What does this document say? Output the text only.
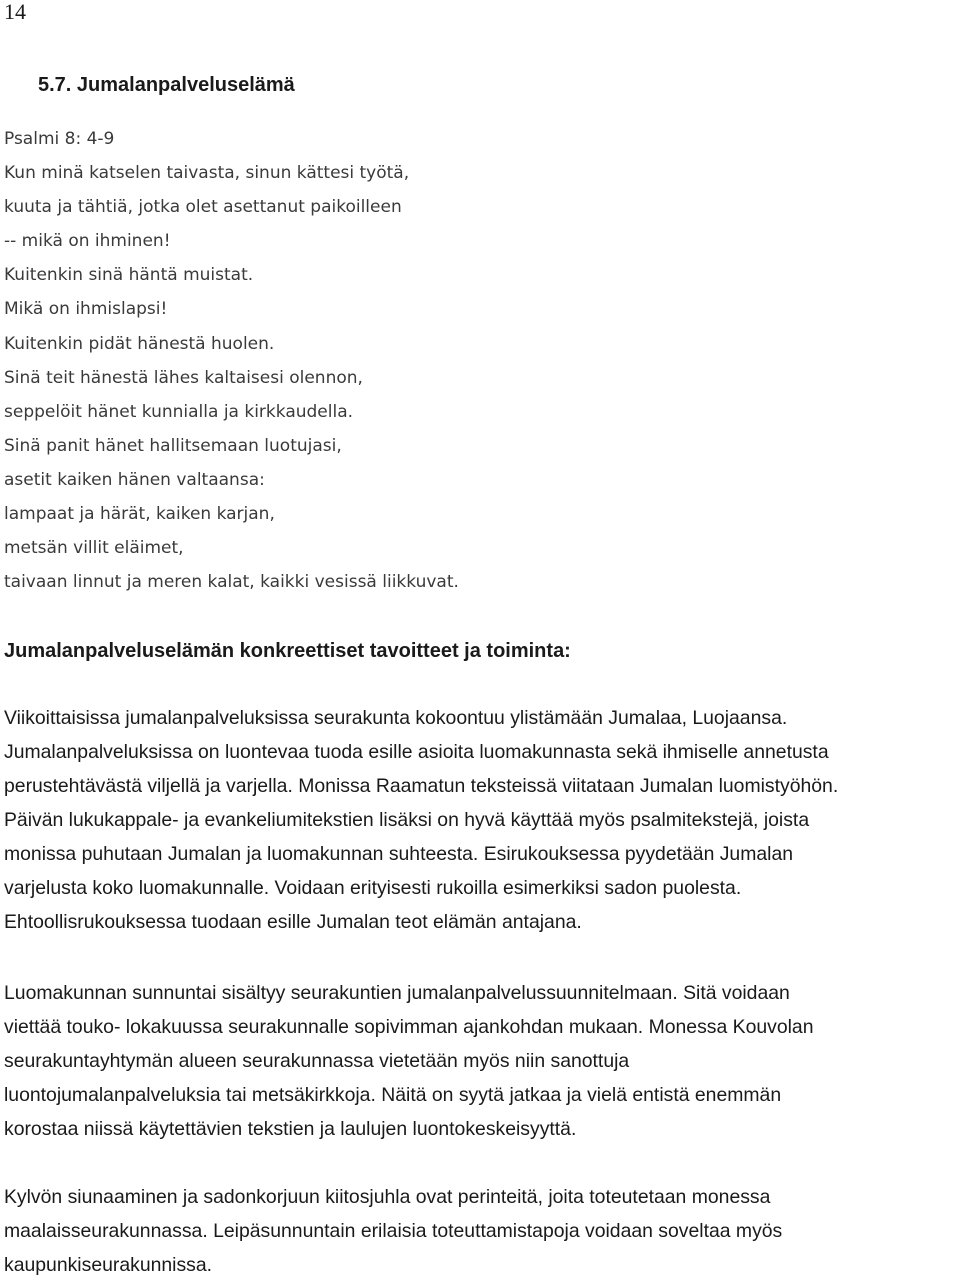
14
5.7. Jumalanpalveluselämä
Psalmi 8: 4-9
Kun minä katselen taivasta, sinun kättesi työtä,
kuuta ja tähtiä, jotka olet asettanut paikoilleen
-- mikä on ihminen!
Kuitenkin sinä häntä muistat.
Mikä on ihmislapsi!
Kuitenkin pidät hänestä huolen.
Sinä teit hänestä lähes kaltaisesi olennon,
seppelöit hänet kunnialla ja kirkkaudella.
Sinä panit hänet hallitsemaan luotujasi,
asetit kaiken hänen valtaansa:
lampaat ja härät, kaiken karjan,
metsän villit eläimet,
taivaan linnut ja meren kalat, kaikki vesissä liikkuvat.
Jumalanpalveluselämän konkreettiset tavoitteet ja toiminta:
Viikoittaisissa jumalanpalveluksissa seurakunta kokoontuu ylistämään Jumalaa, Luojaansa.
Jumalanpalveluksissa on luontevaa tuoda esille asioita luomakunnasta sekä ihmiselle annetusta
perustehtävästä viljellä ja varjella. Monissa Raamatun teksteissä viitataan Jumalan luomistyöhön.
Päivän lukukappale- ja evankeliumitekstien lisäksi on hyvä käyttää myös psalmitekstejä, joista
monissa puhutaan Jumalan ja luomakunnan suhteesta. Esirukouksessa pyydetään Jumalan
varjelusta koko luomakunnalle. Voidaan erityisesti rukoilla esimerkiksi sadon puolesta.
Ehtoollisrukouksessa tuodaan esille Jumalan teot elämän antajana.
Luomakunnan sunnuntai sisältyy seurakuntien jumalanpalvelussuunnitelmaan. Sitä voidaan
viettää touko- lokakuussa seurakunnalle sopivimman ajankohdan mukaan. Monessa Kouvolan
seurakuntayhtymän alueen seurakunnassa vietetään myös niin sanottuja
luontojumalanpalveluksia tai metsäkirkkoja. Näitä on syytä jatkaa ja vielä entistä enemmän
korostaa niissä käytettävien tekstien ja laulujen luontokeskeisyyttä.
Kylvön siunaaminen ja sadonkorjuun kiitosjuhla ovat perinteitä, joita toteutetaan monessa
maalaisseurakunnassa. Leipäsunnuntain erilaisia toteuttamistapoja voidaan soveltaa myös
kaupunkiseurakunnissa.
